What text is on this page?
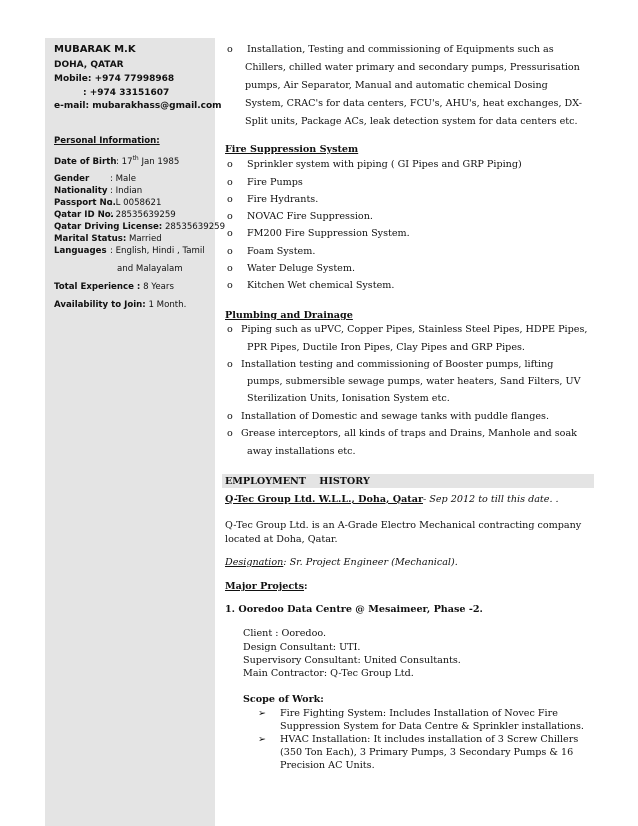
MUBARAK M.K
DOHA, QATAR
Mobile: +974 77998968
: +974 33151607
e-mail: mubarakhass@gmail.com
Personal Information:
Date of Birth: 17th Jan 1985
Gender : Male
Nationality : Indian
Passport No.: L 0058621
Qatar ID No.: 28535639259
Qatar Driving License: 28535639259
Marital Status: Married
Languages : English, Hindi , Tamil
and Malayalam
Total Experience : 8 Years
Availability to Join: 1 Month.
o Installation, Testing and commissioning of Equipments such as
Chillers, chilled water primary and secondary pumps, Pressurisation
pumps, Air Separator, Manual and automatic chemical Dosing
System, CRAC's for data centers, FCU's, AHU's, heat exchanges, DX-
Split units, Package ACs, leak detection system for data centers etc.
Fire Suppression System
o Sprinkler system with piping ( GI Pipes and GRP Piping)
o Fire Pumps
o Fire Hydrants.
o NOVAC Fire Suppression.
o FM200 Fire Suppression System.
o Foam System.
o Water Deluge System.
o Kitchen Wet chemical System.
Plumbing and Drainage
o Piping such as uPVC, Copper Pipes, Stainless Steel Pipes, HDPE Pipes,
PPR Pipes, Ductile Iron Pipes, Clay Pipes and GRP Pipes.
o Installation testing and commissioning of Booster pumps, lifting
pumps, submersible sewage pumps, water heaters, Sand Filters, UV
Sterilization Units, Ionisation System etc.
o Installation of Domestic and sewage tanks with puddle flanges.
o Grease interceptors, all kinds of traps and Drains, Manhole and soak
away installations etc.
EMPLOYMENT    HISTORY
Q-Tec Group Ltd. W.L.L., Doha, Qatar- Sep 2012 to till this date. .
Q-Tec Group Ltd. is an A-Grade Electro Mechanical contracting company
located at Doha, Qatar.
Designation: Sr. Project Engineer (Mechanical).
Major Projects:
1. Ooredoo Data Centre @ Mesaimeer, Phase -2.
Client : Ooredoo.
Design Consultant: UTI.
Supervisory Consultant: United Consultants.
Main Contractor: Q-Tec Group Ltd.
Scope of Work:
➢ Fire Fighting System: Includes Installation of Novec Fire
Suppression System for Data Centre & Sprinkler installations.
➢ HVAC Installation: It includes installation of 3 Screw Chillers
(350 Ton Each), 3 Primary Pumps, 3 Secondary Pumps & 16
Precision AC Units.
